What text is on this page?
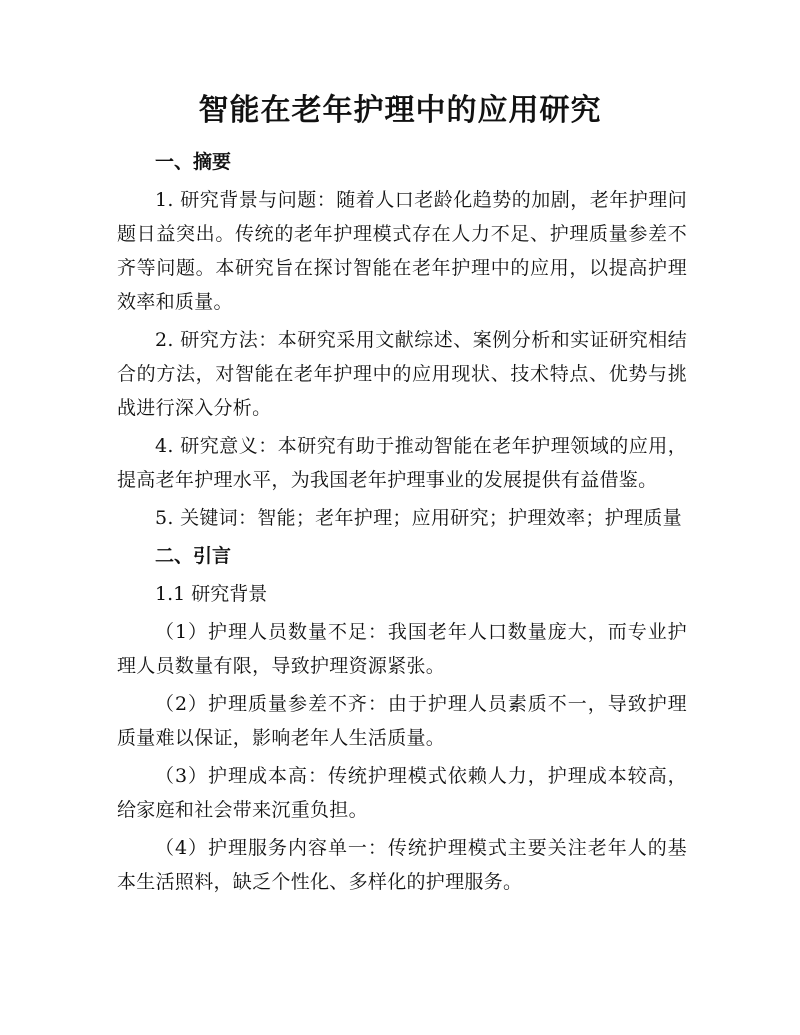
智能在老年护理中的应用研究
一、摘要

1. 研究背景与问题：随着人口老龄化趋势的加剧，老年护理问题日益突出。传统的老年护理模式存在人力不足、护理质量参差不齐等问题。本研究旨在探讨智能在老年护理中的应用，以提高护理效率和质量。

2. 研究方法：本研究采用文献综述、案例分析和实证研究相结合的方法，对智能在老年护理中的应用现状、技术特点、优势与挑战进行深入分析。

4. 研究意义：本研究有助于推动智能在老年护理领域的应用，提高老年护理水平，为我国老年护理事业的发展提供有益借鉴。

5. 关键词：智能；老年护理；应用研究；护理效率；护理质量

二、引言

1.1 研究背景

（1）护理人员数量不足：我国老年人口数量庞大，而专业护理人员数量有限，导致护理资源紧张。

（2）护理质量参差不齐：由于护理人员素质不一，导致护理质量难以保证，影响老年人生活质量。

（3）护理成本高：传统护理模式依赖人力，护理成本较高，给家庭和社会带来沉重负担。

（4）护理服务内容单一：传统护理模式主要关注老年人的基本生活照料，缺乏个性化、多样化的护理服务。
